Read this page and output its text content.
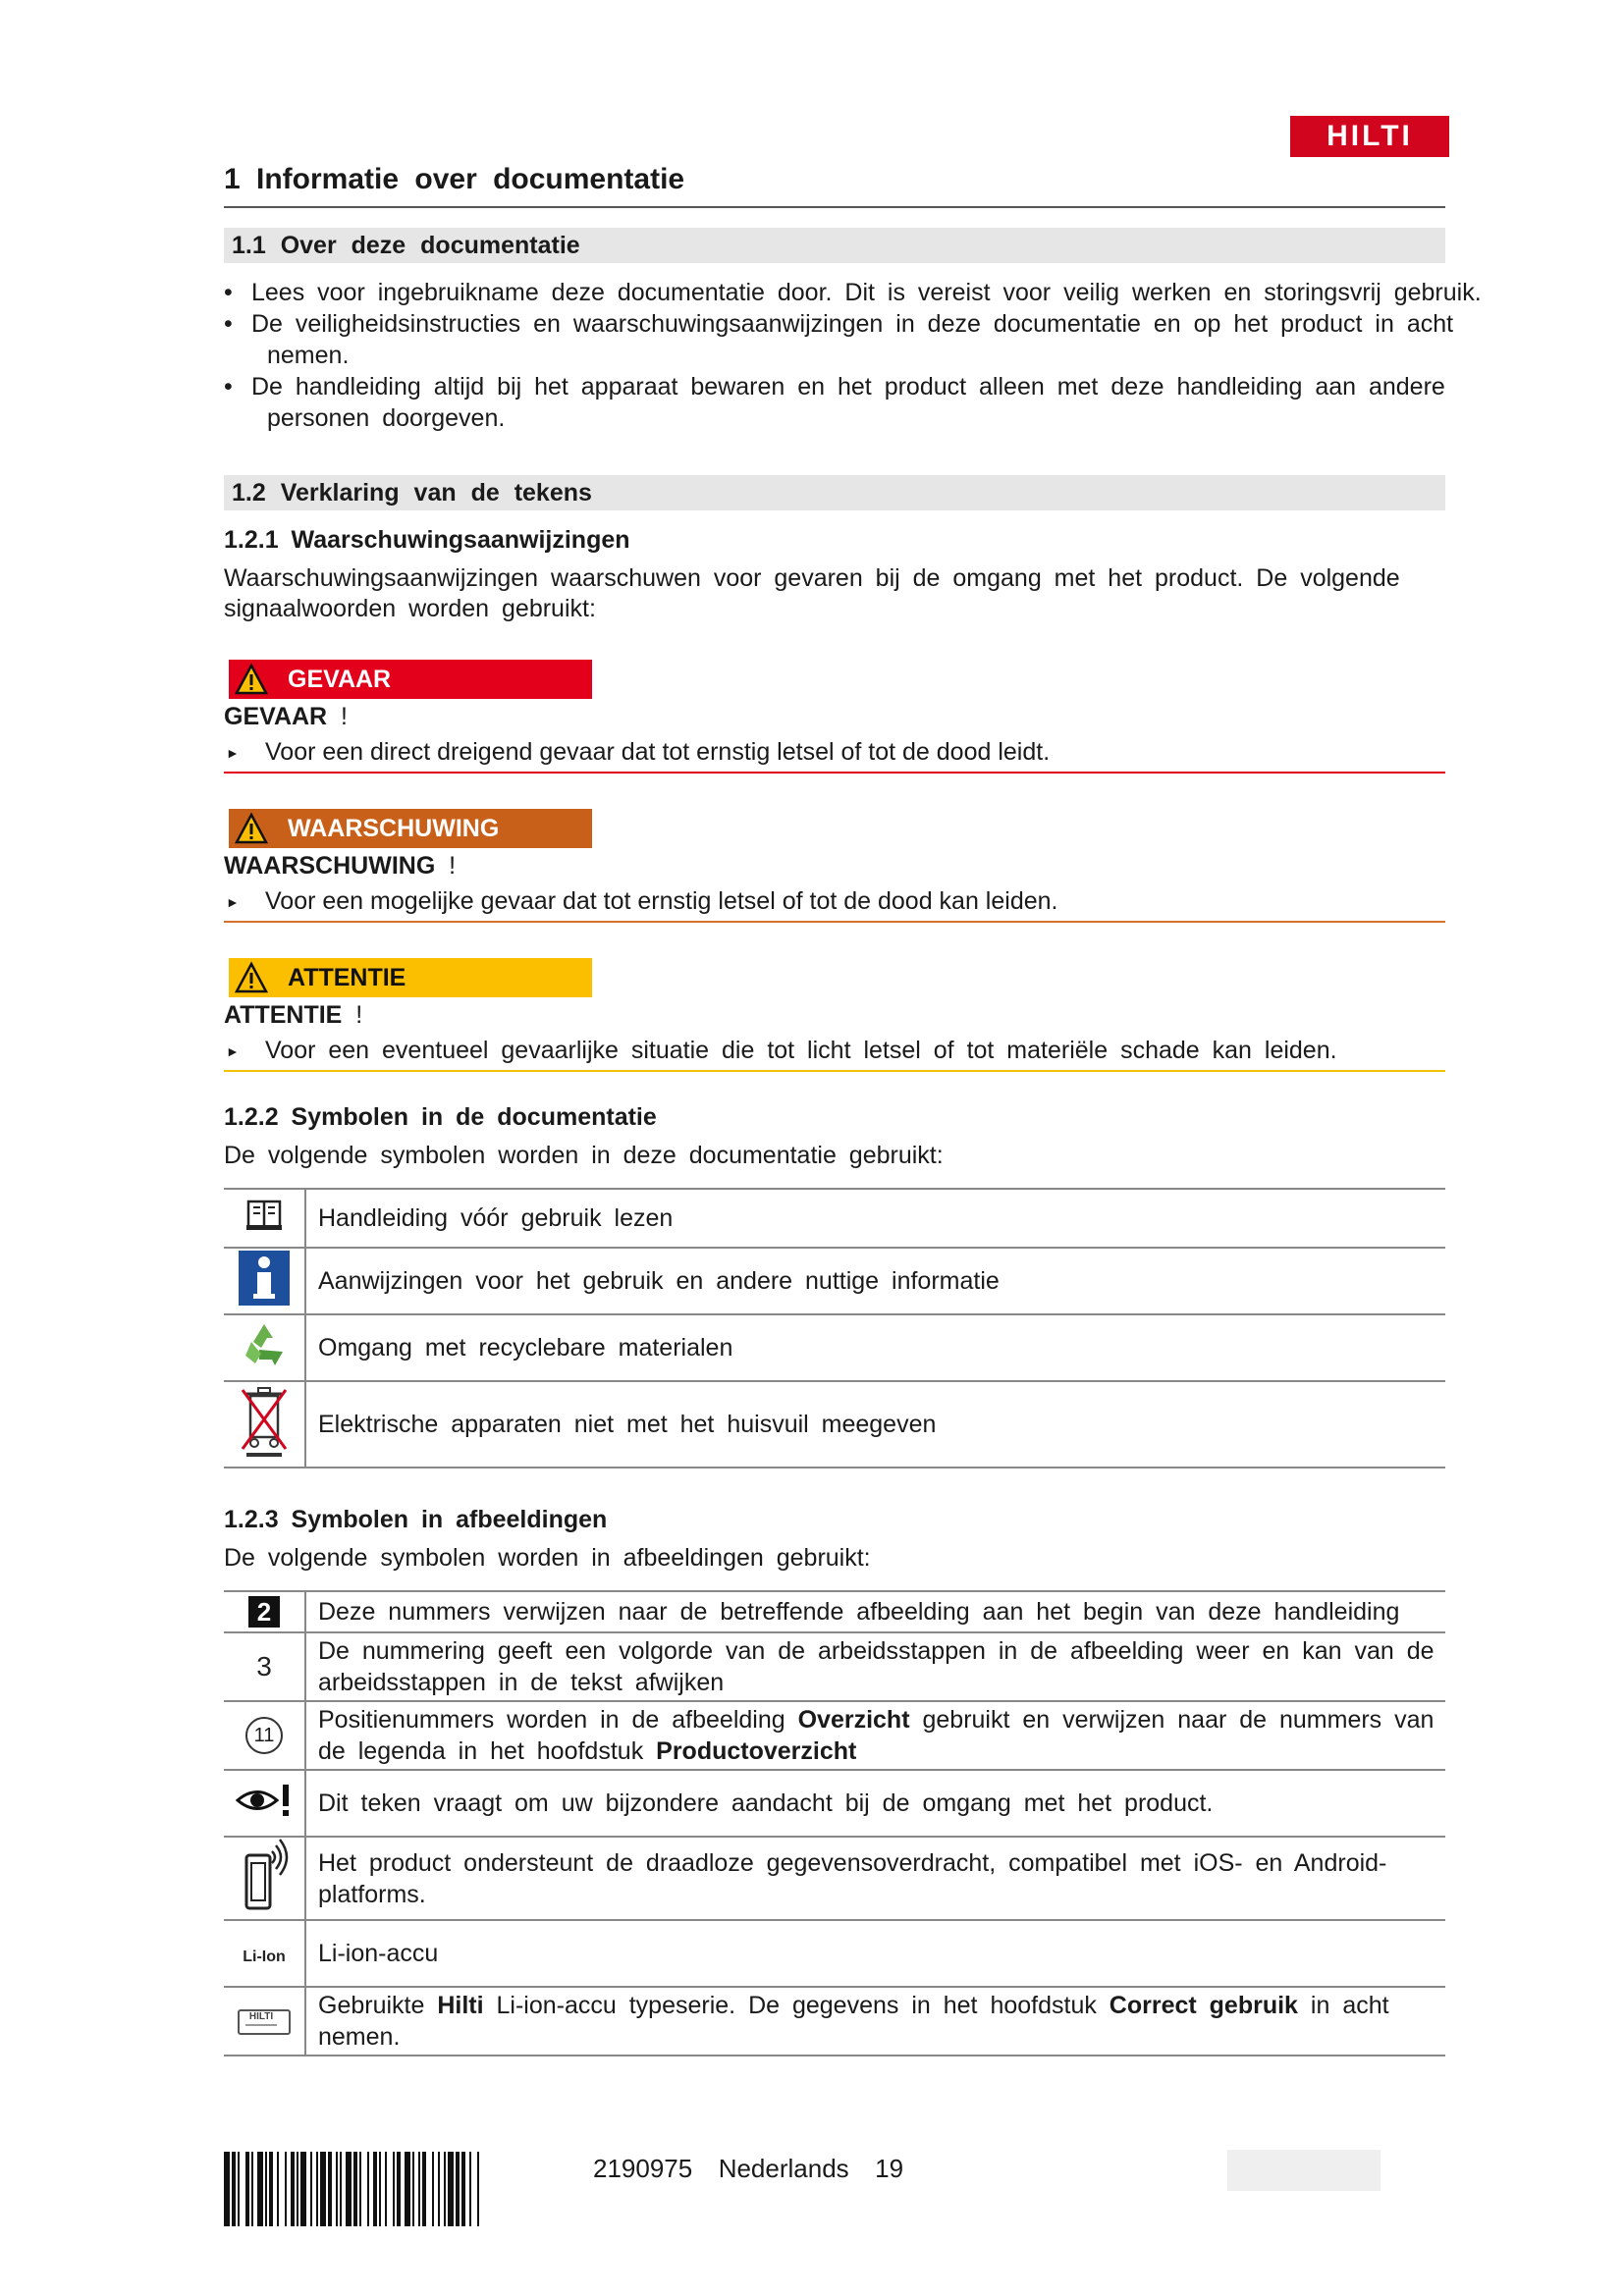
HILTI
1 Informatie over documentatie
1.1 Over deze documentatie
• Lees voor ingebruikname deze documentatie door. Dit is vereist voor veilig werken en storingsvrij gebruik.
• De veiligheidsinstructies en waarschuwingsaanwijzingen in deze documentatie en op het product in acht
nemen.
• De handleiding altijd bij het apparaat bewaren en het product alleen met deze handleiding aan andere
personen doorgeven.
1.2 Verklaring van de tekens
1.2.1 Waarschuwingsaanwijzingen
Waarschuwingsaanwijzingen waarschuwen voor gevaren bij de omgang met het product. De volgende
signaalwoorden worden gebruikt:
GEVAAR
GEVAAR !
►	Voor een direct dreigend gevaar dat tot ernstig letsel of tot de dood leidt.
WAARSCHUWING
WAARSCHUWING !
►	Voor een mogelijke gevaar dat tot ernstig letsel of tot de dood kan leiden.
ATTENTIE
ATTENTIE !
►	Voor een eventueel gevaarlijke situatie die tot licht letsel of tot materiële schade kan leiden.
1.2.2 Symbolen in de documentatie
De volgende symbolen worden in deze documentatie gebruikt:
	Handleiding vóór gebruik lezen
	Aanwijzingen voor het gebruik en andere nuttige informatie
	Omgang met recyclebare materialen
	Elektrische apparaten niet met het huisvuil meegeven
1.2.3 Symbolen in afbeeldingen
De volgende symbolen worden in afbeeldingen gebruikt:
2	Deze nummers verwijzen naar de betreffende afbeelding aan het begin van deze handleiding
3	De nummering geeft een volgorde van de arbeidsstappen in de afbeelding weer en kan van de arbeidsstappen in de tekst afwijken
11	Positienummers worden in de afbeelding Overzicht gebruikt en verwijzen naar de nummers van de legenda in het hoofdstuk Productoverzicht
	Dit teken vraagt om uw bijzondere aandacht bij de omgang met het product.
	Het product ondersteunt de draadloze gegevensoverdracht, compatibel met iOS- en Android-platforms.
Li-Ion	Li-ion-accu

HILTI	Gebruikte Hilti Li-ion-accu typeserie. De gegevens in het hoofdstuk Correct gebruik in acht nemen.
2190975 Nederlands 19
